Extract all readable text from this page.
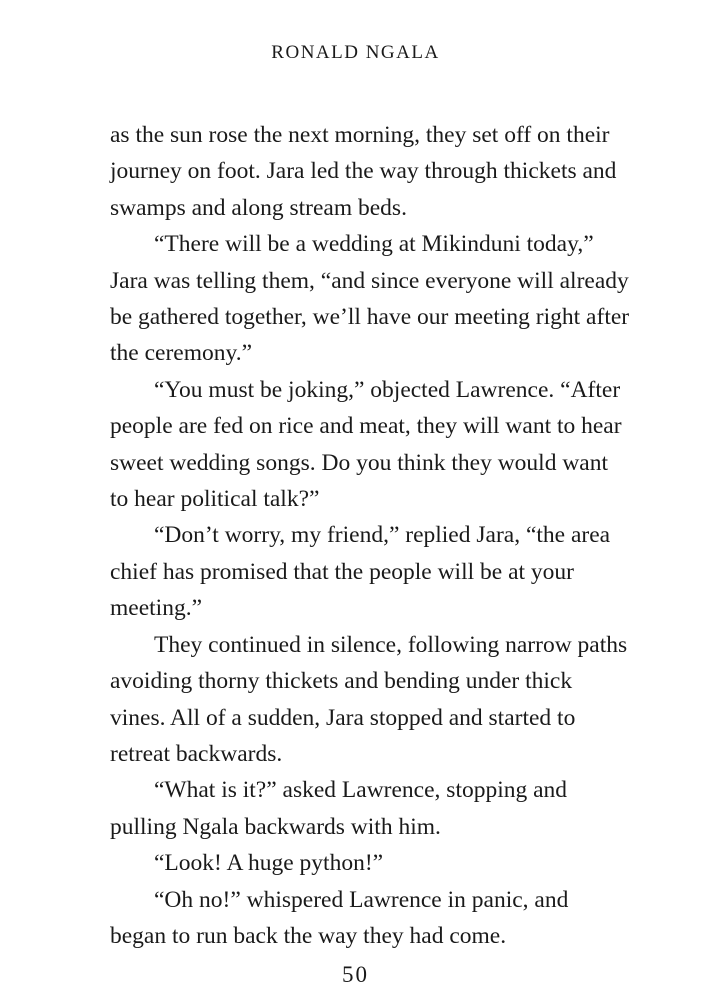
RONALD NGALA

as the sun rose the next morning, they set off on their journey on foot. Jara led the way through thickets and swamps and along stream beds.

“There will be a wedding at Mikinduni today,” Jara was telling them, “and since everyone will already be gathered together, we’ll have our meeting right after the ceremony.”

“You must be joking,” objected Lawrence. “After people are fed on rice and meat, they will want to hear sweet wedding songs. Do you think they would want to hear political talk?”

“Don’t worry, my friend,” replied Jara, “the area chief has promised that the people will be at your meeting.”

They continued in silence, following narrow paths avoiding thorny thickets and bending under thick vines. All of a sudden, Jara stopped and started to retreat backwards.

“What is it?” asked Lawrence, stopping and pulling Ngala backwards with him.

“Look! A huge python!”

“Oh no!” whispered Lawrence in panic, and began to run back the way they had come.

50
